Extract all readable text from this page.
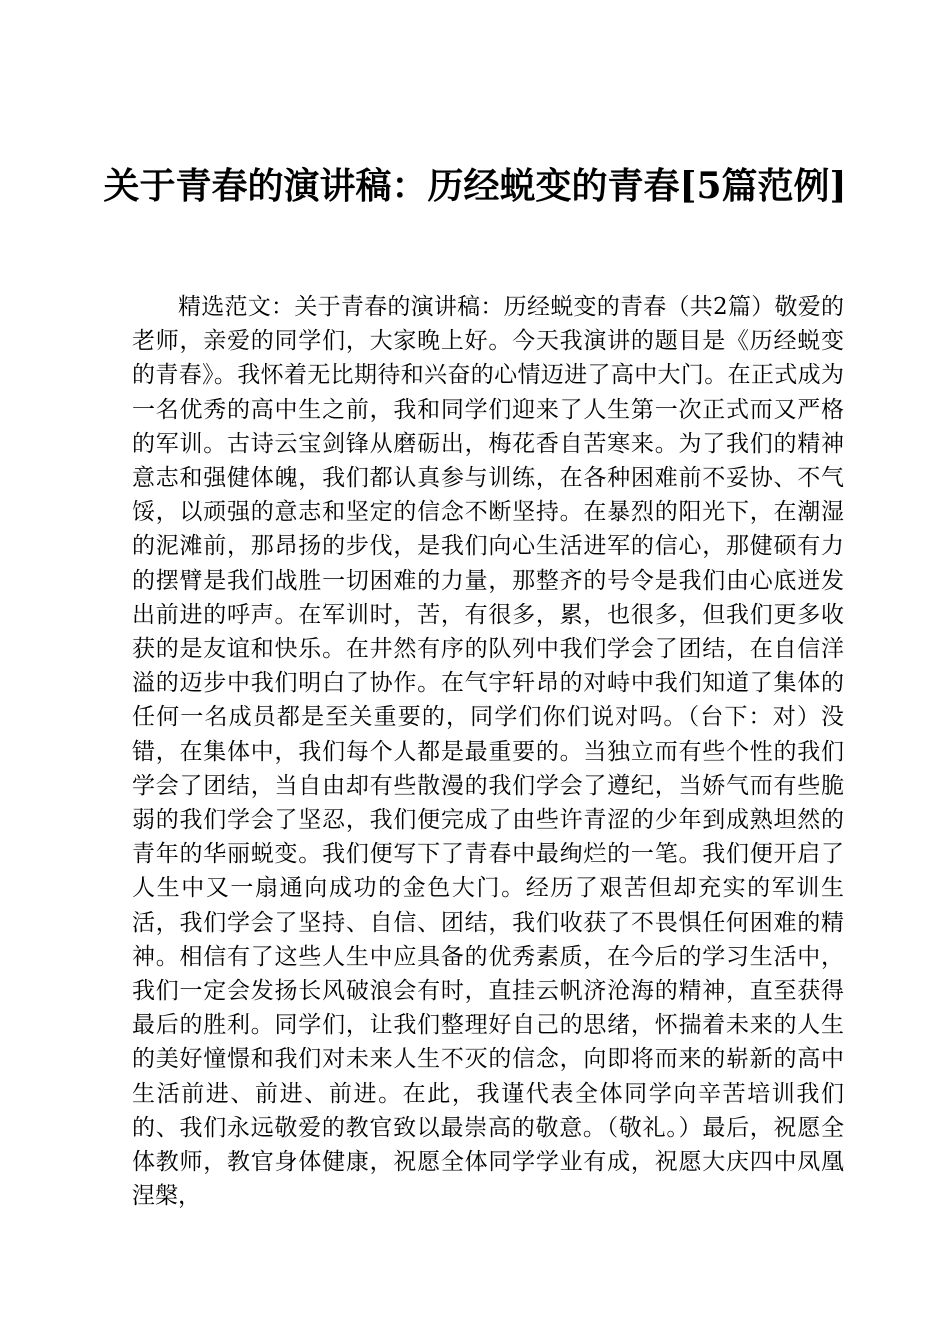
关于青春的演讲稿：历经蜕变的青春[5篇范例]

精选范文：关于青春的演讲稿：历经蜕变的青春（共2篇）敬爱的老师，亲爱的同学们，大家晚上好。今天我演讲的题目是《历经蜕变的青春》。我怀着无比期待和兴奋的心情迈进了高中大门。在正式成为一名优秀的高中生之前，我和同学们迎来了人生第一次正式而又严格的军训。古诗云宝剑锋从磨砺出，梅花香自苦寒来。为了我们的精神意志和强健体魄，我们都认真参与训练，在各种困难前不妥协、不气馁，以顽强的意志和坚定的信念不断坚持。在暴烈的阳光下，在潮湿的泥滩前，那昂扬的步伐，是我们向心生活进军的信心，那健硕有力的摆臂是我们战胜一切困难的力量，那整齐的号令是我们由心底迸发出前进的呼声。在军训时，苦，有很多，累，也很多，但我们更多收获的是友谊和快乐。在井然有序的队列中我们学会了团结，在自信洋溢的迈步中我们明白了协作。在气宇轩昂的对峙中我们知道了集体的任何一名成员都是至关重要的，同学们你们说对吗。（台下：对）没错，在集体中，我们每个人都是最重要的。当独立而有些个性的我们学会了团结，当自由却有些散漫的我们学会了遵纪，当娇气而有些脆弱的我们学会了坚忍，我们便完成了由些许青涩的少年到成熟坦然的青年的华丽蜕变。我们便写下了青春中最绚烂的一笔。我们便开启了人生中又一扇通向成功的金色大门。经历了艰苦但却充实的军训生活，我们学会了坚持、自信、团结，我们收获了不畏惧任何困难的精神。相信有了这些人生中应具备的优秀素质，在今后的学习生活中，我们一定会发扬长风破浪会有时，直挂云帆济沧海的精神，直至获得最后的胜利。同学们，让我们整理好自己的思绪，怀揣着未来的人生的美好憧憬和我们对未来人生不灭的信念，向即将而来的崭新的高中生活前进、前进、前进。在此，我谨代表全体同学向辛苦培训我们的、我们永远敬爱的教官致以最崇高的敬意。（敬礼。）最后，祝愿全体教师，教官身体健康，祝愿全体同学学业有成，祝愿大庆四中凤凰涅槃，
